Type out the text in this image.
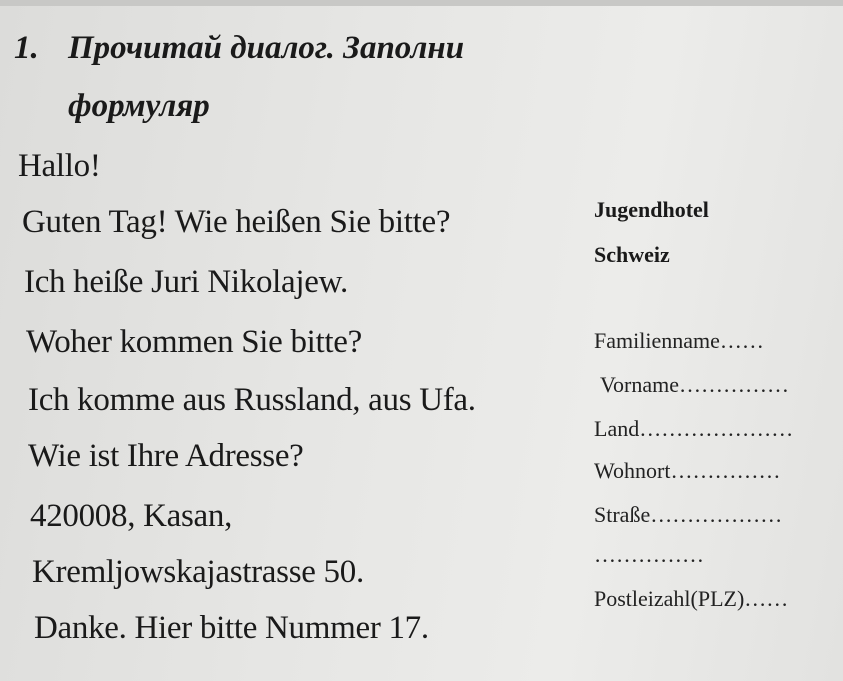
1. Прочитай диалог. Заполни
формуляр
Hallo!
Guten Tag! Wie heißen Sie bitte?
Ich heiße Juri Nikolajew.
Woher kommen Sie bitte?
Ich komme aus Russland, aus Ufa.
Wie ist Ihre Adresse?
420008, Kasan,
Kremljowskajastrasse 50.
Danke. Hier bitte Nummer 17.
Jugendhotel
Schweiz
Familienname……
Vorname……………
Land…………………
Wohnort……………
Straße………………
……………
Postleizahl(PLZ)……
